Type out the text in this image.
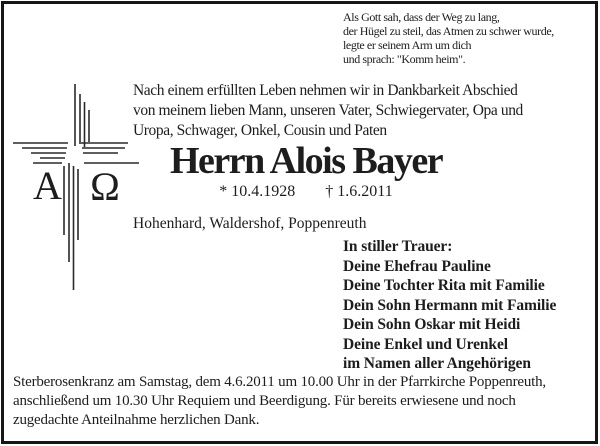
Als Gott sah, dass der Weg zu lang,
der Hügel zu steil, das Atmen zu schwer wurde,
legte er seinem Arm um dich
und sprach: "Komm heim".
A Ω
Nach einem erfüllten Leben nehmen wir in Dankbarkeit Abschied
von meinem lieben Mann, unseren Vater, Schwiegervater, Opa und
Uropa, Schwager, Onkel, Cousin und Paten
Herrn Alois Bayer
* 10.4.1928 † 1.6.2011
Hohenhard, Waldershof, Poppenreuth
In stiller Trauer:
Deine Ehefrau Pauline
Deine Tochter Rita mit Familie
Dein Sohn Hermann mit Familie
Dein Sohn Oskar mit Heidi
Deine Enkel und Urenkel
im Namen aller Angehörigen
Sterberosenkranz am Samstag, dem 4.6.2011 um 10.00 Uhr in der Pfarrkirche Poppenreuth,
anschließend um 10.30 Uhr Requiem und Beerdigung. Für bereits erwiesene und noch
zugedachte Anteilnahme herzlichen Dank.
